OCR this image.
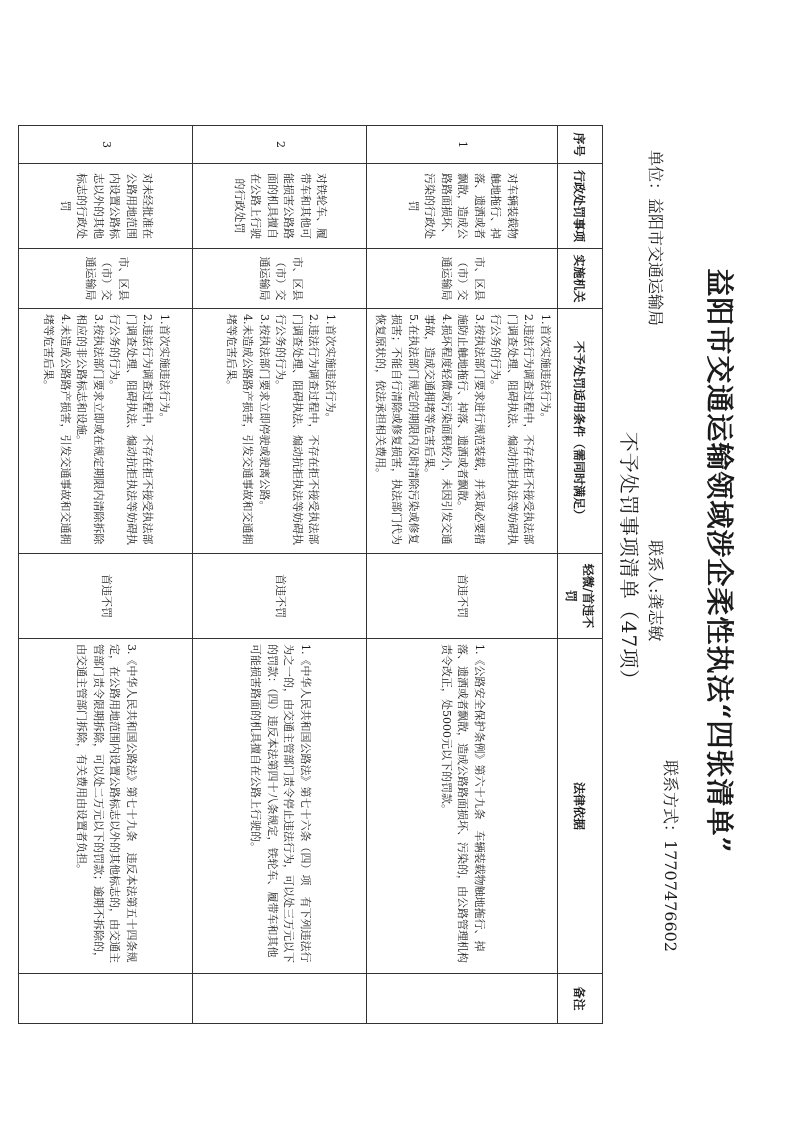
益阳市交通运输领域涉企柔性执法“四张清单”
单位：益阳市交通运输局
联系人:龚志敏
联系方式：17707476602
不予处罚事项清单（47项）
序号	行政处罚事项	实施机关	不予处罚适用条件（需同时满足）	轻微/首违不罚	法律依据	备注
1	对车辆装载物触地拖行、掉落、遗洒或者飘散，造成公路路面损坏、污染的行政处罚	市、区县（市）交通运输局	1.首次实施违法行为。
2.违法行为调查过程中，不存在拒不接受执法部门调查处理、阻碍执法、煽动抗拒执法等妨碍执行公务的行为。
3.按执法部门要求进行规范装载，并采取必要措施防止触地拖行、掉落、遗洒或者飘散。
4.损坏程度轻微或污染面积较小，未因引发交通事故，造成交通拥堵等危害后果。
5.在执法部门规定的期限内及时清除污染或修复损害；不能自行清除或修复损害，执法部门代为恢复原状的，依法承担相关费用。	首违不罚	1.《公路安全保护条例》第六十九条　车辆装载物触地拖行、掉落、遗洒或者飘散，造成公路路面损坏、污染的，由公路管理机构责令改正，处5000元以下的罚款。	

2	对铁轮车、履带车和其他可能损害公路路面的机具擅自在公路上行驶的行政处罚	市、区县（市）交通运输局	1.首次实施违法行为。
2.违法行为调查过程中，不存在拒不接受执法部门调查处理、阻碍执法、煽动抗拒执法等妨碍执行公务的行为。
3.按执法部门要求立即停驶或驶离公路。
4.未造成公路路产损害，引发交通事故和交通拥堵等危害后果。	首违不罚	1.《中华人民共和国公路法》第七十六条（四）项　有下列违法行为之一的，由交通主管部门责令停止违法行为，可以处三万元以下的罚款：（四）违反本法第四十八条规定，铁轮车、履带车和其他可能损害路面的机具擅自在公路上行驶的。	

3	对未经批准在公路用地范围内设置公路标志以外的其他标志的行政处罚	市、区县（市）交通运输局	1.首次实施违法行为。
2.违法行为调查过程中，不存在拒不接受执法部门调查处理、阻碍执法、煽动抗拒执法等妨碍执行公务的行为。
3.按执法部门要求立即或在规定期限内清除拆除相应的非公路标志和设施。
4.未造成公路路产损害，引发交通事故和交通拥堵等危害后果。	首违不罚	3.《中华人民共和国公路法》第七十九条　违反本法第五十四条规定，在公路用地范围内设置公路标志以外的其他标志的，由交通主管部门责令限期拆除，可以处二万元以下的罚款；逾期不拆除的，由交通主管部门拆除，有关费用由设置者负担。	
